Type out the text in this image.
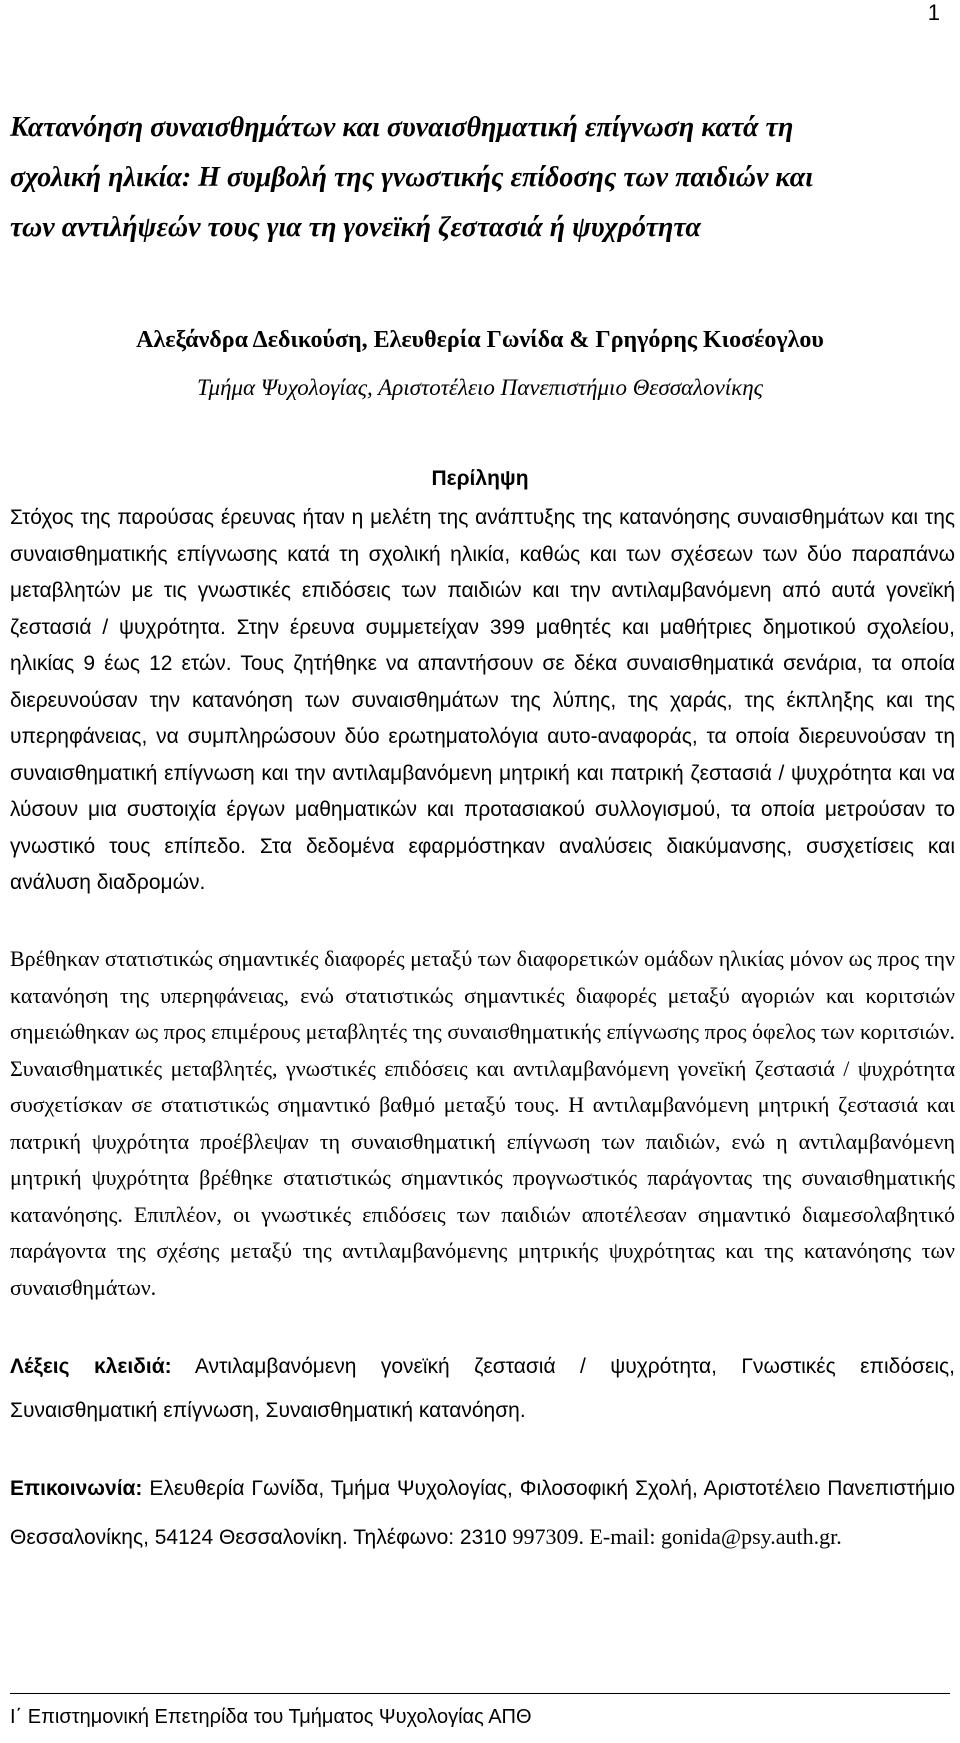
1
Κατανόηση συναισθημάτων και συναισθηματική επίγνωση κατά τη
σχολική ηλικία: Η συμβολή της γνωστικής επίδοσης των παιδιών και
των αντιλήψεών τους για τη γονεϊκή ζεστασιά ή ψυχρότητα

Αλεξάνδρα Δεδικούση, Ελευθερία Γωνίδα & Γρηγόρης Κιοσέογλου

Τμήμα Ψυχολογίας, Αριστοτέλειο Πανεπιστήμιο Θεσσαλονίκης

Περίληψη

Στόχος της παρούσας έρευνας ήταν η μελέτη της ανάπτυξης της κατανόησης συναισθημάτων και της συναισθηματικής επίγνωσης κατά τη σχολική ηλικία, καθώς και των σχέσεων των δύο παραπάνω μεταβλητών με τις γνωστικές επιδόσεις των παιδιών και την αντιλαμβανόμενη από αυτά γονεϊκή ζεστασιά / ψυχρότητα. Στην έρευνα συμμετείχαν 399 μαθητές και μαθήτριες δημοτικού σχολείου, ηλικίας 9 έως 12 ετών. Τους ζητήθηκε να απαντήσουν σε δέκα συναισθηματικά σενάρια, τα οποία διερευνούσαν την κατανόηση των συναισθημάτων της λύπης, της χαράς, της έκπληξης και της υπερηφάνειας, να συμπληρώσουν δύο ερωτηματολόγια αυτο-αναφοράς, τα οποία διερευνούσαν τη συναισθηματική επίγνωση και την αντιλαμβανόμενη μητρική και πατρική ζεστασιά / ψυχρότητα και να λύσουν μια συστοιχία έργων μαθηματικών και προτασιακού συλλογισμού, τα οποία μετρούσαν το γνωστικό τους επίπεδο. Στα δεδομένα εφαρμόστηκαν αναλύσεις διακύμανσης, συσχετίσεις και ανάλυση διαδρομών.

Βρέθηκαν στατιστικώς σημαντικές διαφορές μεταξύ των διαφορετικών ομάδων ηλικίας μόνον ως προς την κατανόηση της υπερηφάνειας, ενώ στατιστικώς σημαντικές διαφορές μεταξύ αγοριών και κοριτσιών σημειώθηκαν ως προς επιμέρους μεταβλητές της συναισθηματικής επίγνωσης προς όφελος των κοριτσιών. Συναισθηματικές μεταβλητές, γνωστικές επιδόσεις και αντιλαμβανόμενη γονεϊκή ζεστασιά / ψυχρότητα συσχετίσκαν σε στατιστικώς σημαντικό βαθμό μεταξύ τους. Η αντιλαμβανόμενη μητρική ζεστασιά και πατρική ψυχρότητα προέβλεψαν τη συναισθηματική επίγνωση των παιδιών, ενώ η αντιλαμβανόμενη μητρική ψυχρότητα βρέθηκε στατιστικώς σημαντικός προγνωστικός παράγοντας της συναισθηματικής κατανόησης. Επιπλέον, οι γνωστικές επιδόσεις των παιδιών αποτέλεσαν σημαντικό διαμεσολαβητικό παράγοντα της σχέσης μεταξύ της αντιλαμβανόμενης μητρικής ψυχρότητας και της κατανόησης των συναισθημάτων.

Λέξεις κλειδιά: Αντιλαμβανόμενη γονεϊκή ζεστασιά / ψυχρότητα, Γνωστικές επιδόσεις, Συναισθηματική επίγνωση, Συναισθηματική κατανόηση.

Επικοινωνία: Ελευθερία Γωνίδα, Τμήμα Ψυχολογίας, Φιλοσοφική Σχολή, Αριστοτέλειο Πανεπιστήμιο Θεσσαλονίκης, 54124 Θεσσαλονίκη. Τηλέφωνο: 2310 997309. E-mail: gonida@psy.auth.gr.

Ι΄ Επιστημονική Επετηρίδα του Τμήματος Ψυχολογίας ΑΠΘ
